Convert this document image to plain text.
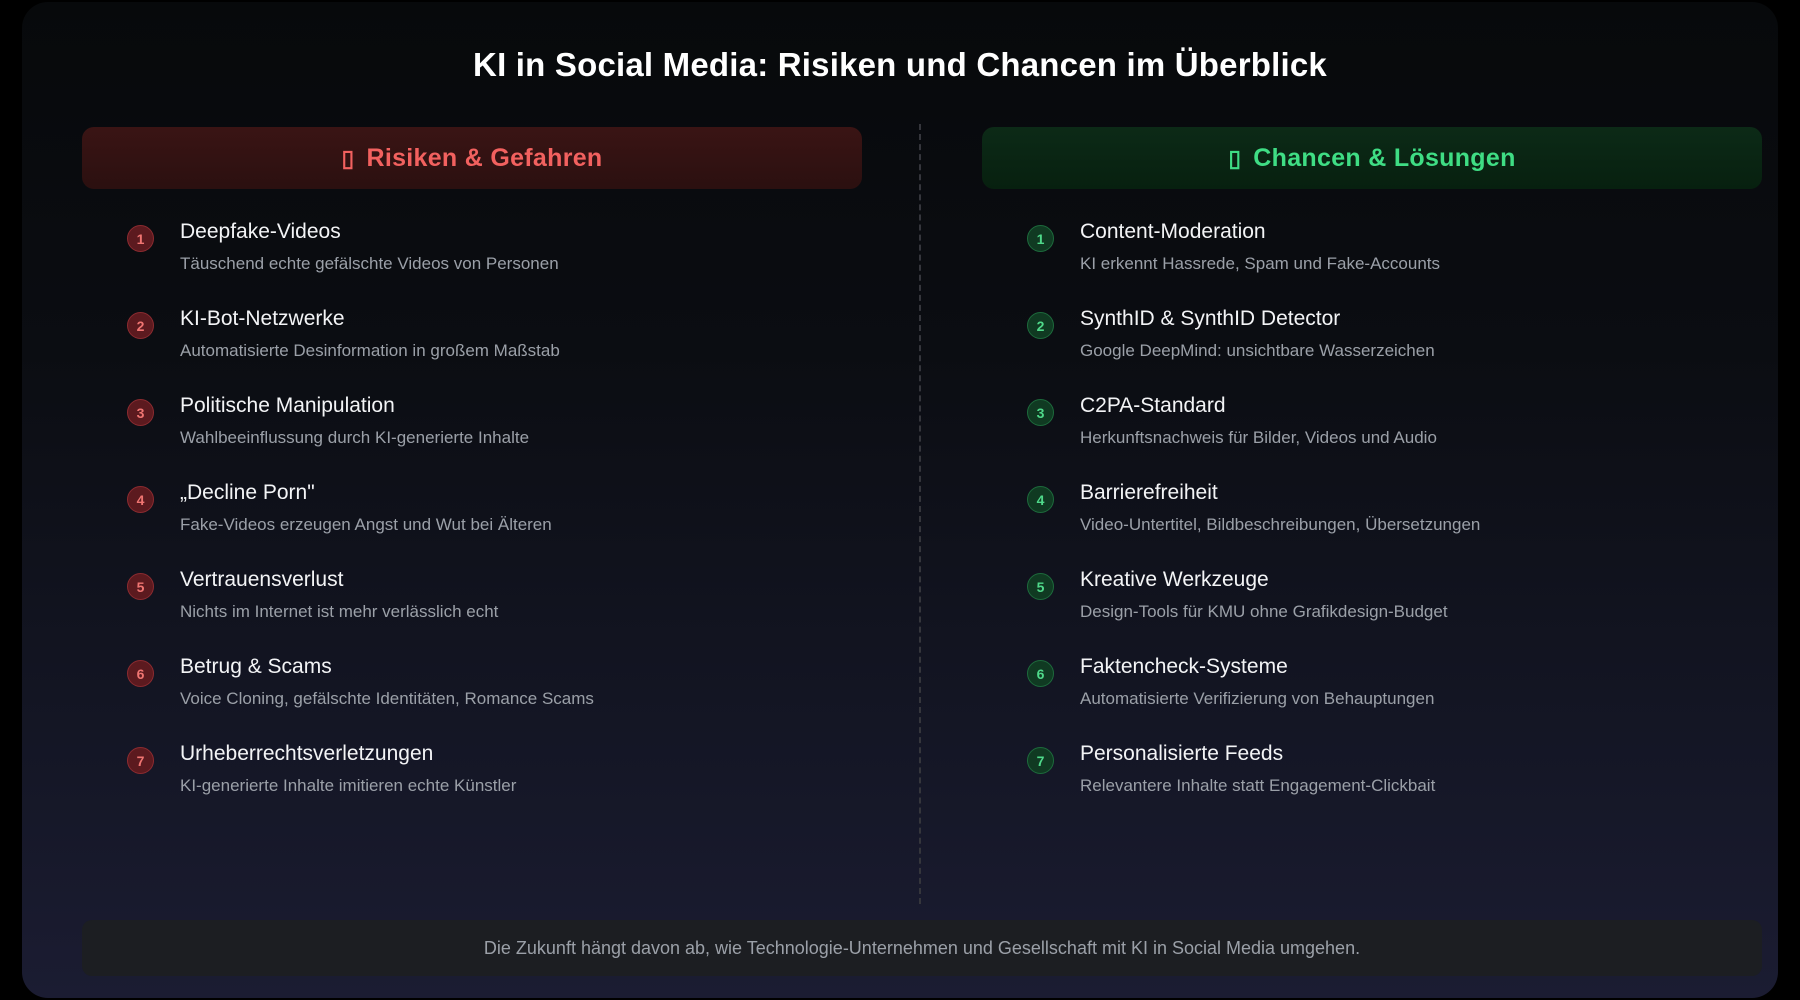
KI in Social Media: Risiken und Chancen im Überblick
▯ Risiken & Gefahren
1	Deepfake-Videos
Täuschend echte gefälschte Videos von Personen
2	KI-Bot-Netzwerke
Automatisierte Desinformation in großem Maßstab
3	Politische Manipulation
Wahlbeeinflussung durch KI-generierte Inhalte
4	„Decline Porn"
Fake-Videos erzeugen Angst und Wut bei Älteren
5	Vertrauensverlust
Nichts im Internet ist mehr verlässlich echt
6	Betrug & Scams
Voice Cloning, gefälschte Identitäten, Romance Scams
7	Urheberrechtsverletzungen
KI-generierte Inhalte imitieren echte Künstler
▯ Chancen & Lösungen
1	Content-Moderation
KI erkennt Hassrede, Spam und Fake-Accounts
2	SynthID & SynthID Detector
Google DeepMind: unsichtbare Wasserzeichen
3	C2PA-Standard
Herkunftsnachweis für Bilder, Videos und Audio
4	Barrierefreiheit
Video-Untertitel, Bildbeschreibungen, Übersetzungen
5	Kreative Werkzeuge
Design-Tools für KMU ohne Grafikdesign-Budget
6	Faktencheck-Systeme
Automatisierte Verifizierung von Behauptungen
7	Personalisierte Feeds
Relevantere Inhalte statt Engagement-Clickbait
Die Zukunft hängt davon ab, wie Technologie-Unternehmen und Gesellschaft mit KI in Social Media umgehen.
